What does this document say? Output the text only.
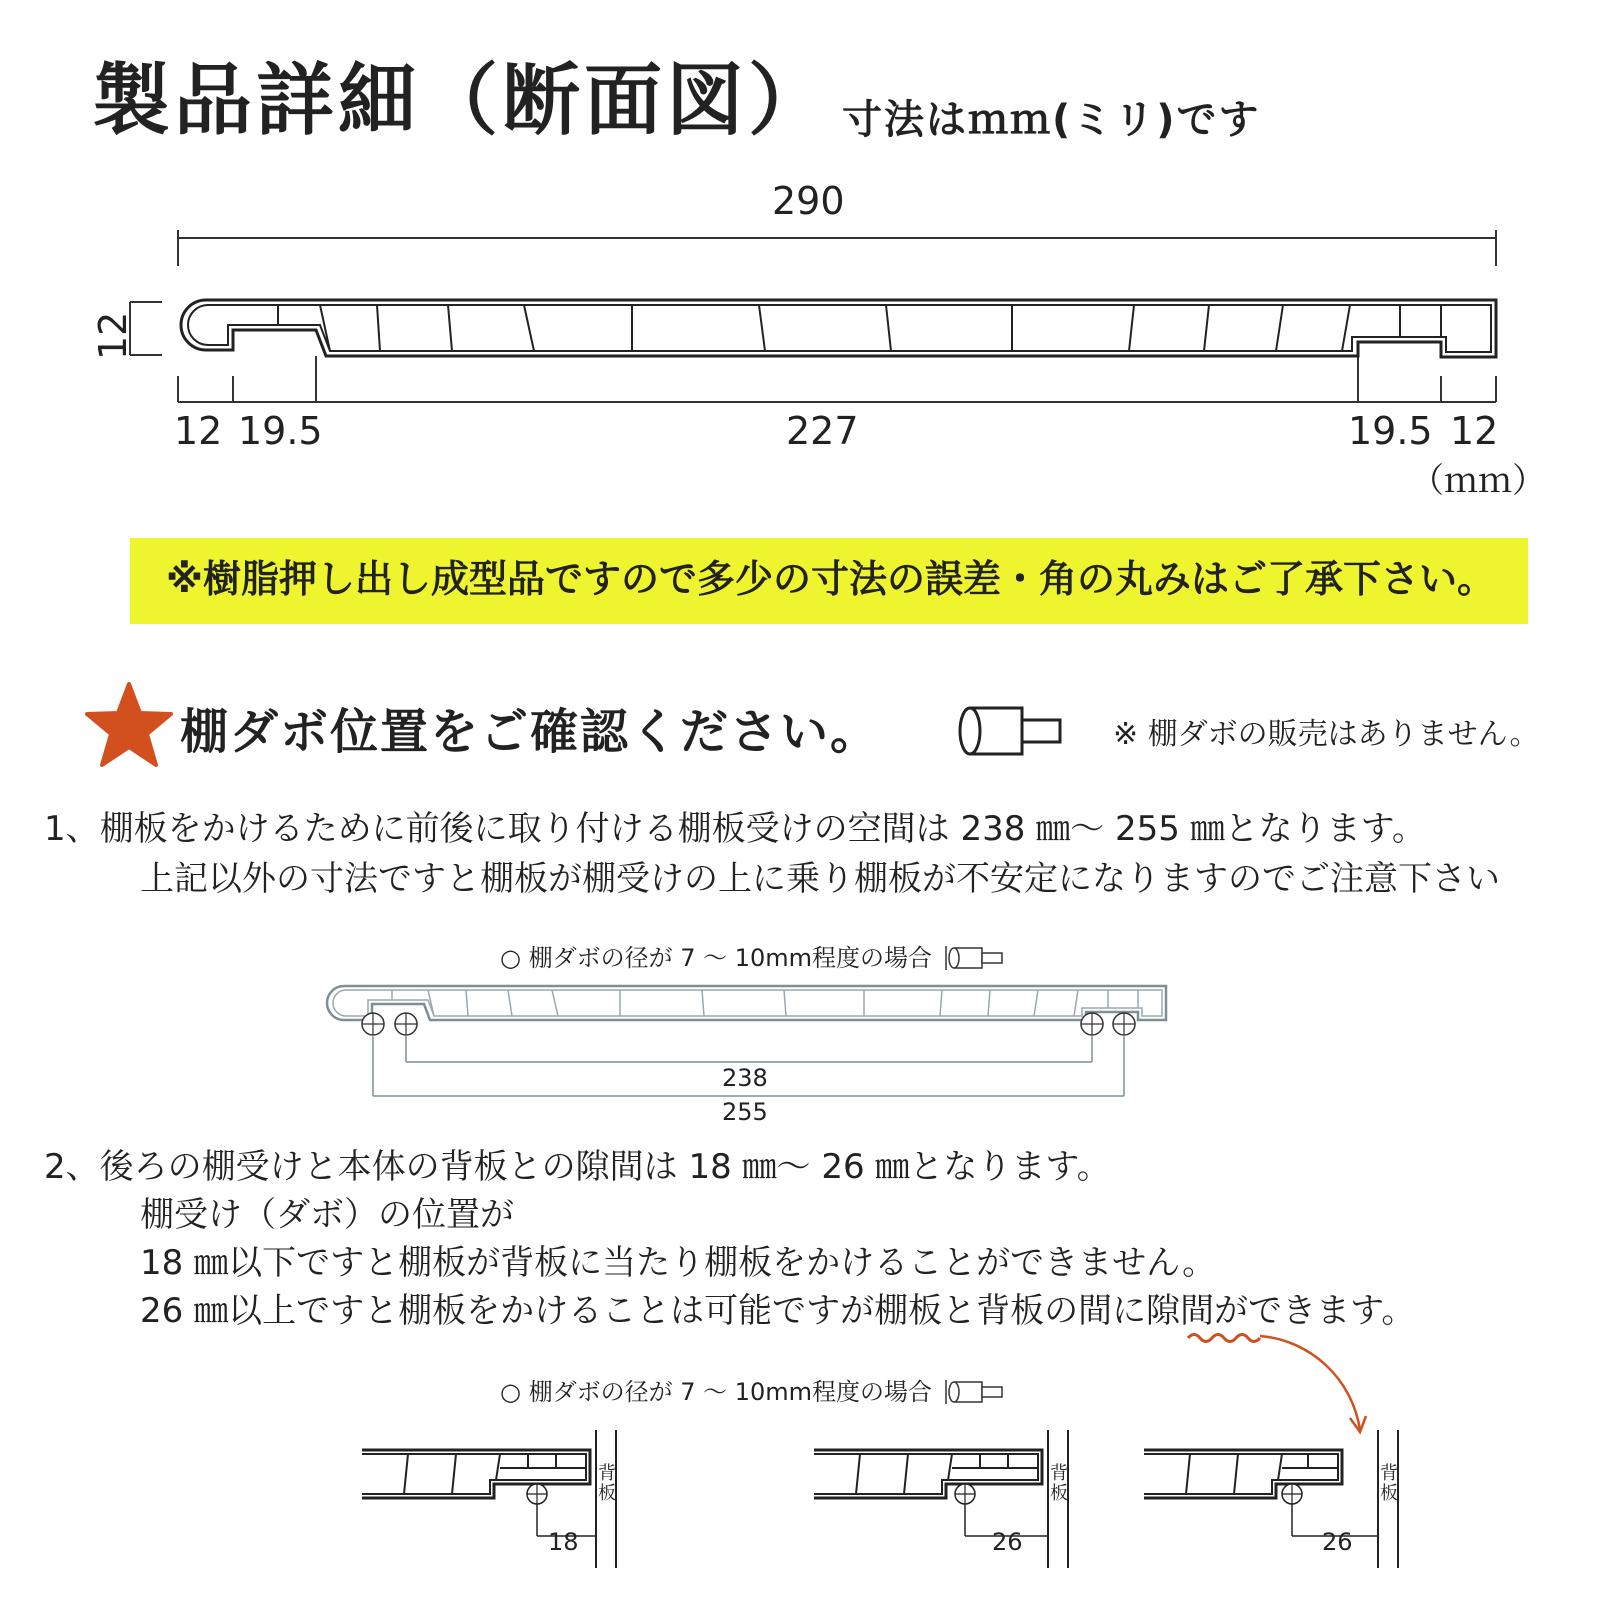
製品詳細（断面図） 寸法はｍｍ(ミリ)です
290
12
12 19.5	227	19.5 12
（ｍｍ）
※樹脂押し出し成型品ですので多少の寸法の誤差・角の丸みはご了承下さい。
棚ダボ位置をご確認ください。	※ 棚ダボの販売はありません。
1、棚板をかけるために前後に取り付ける棚板受けの空間は 238 ㎜～ 255 ㎜となります。
上記以外の寸法ですと棚板が棚受けの上に乗り棚板が不安定になりますのでご注意下さい
○ 棚ダボの径が 7 ～ 10mm程度の場合
238
255
2、後ろの棚受けと本体の背板との隙間は 18 ㎜～ 26 ㎜となります。
棚受け（ダボ）の位置が
18 ㎜以下ですと棚板が背板に当たり棚板をかけることができません。
26 ㎜以上ですと棚板をかけることは可能ですが棚板と背板の間に隙間ができます。
○ 棚ダボの径が 7 ～ 10mm程度の場合
背板
18
背板
26
背板
26
